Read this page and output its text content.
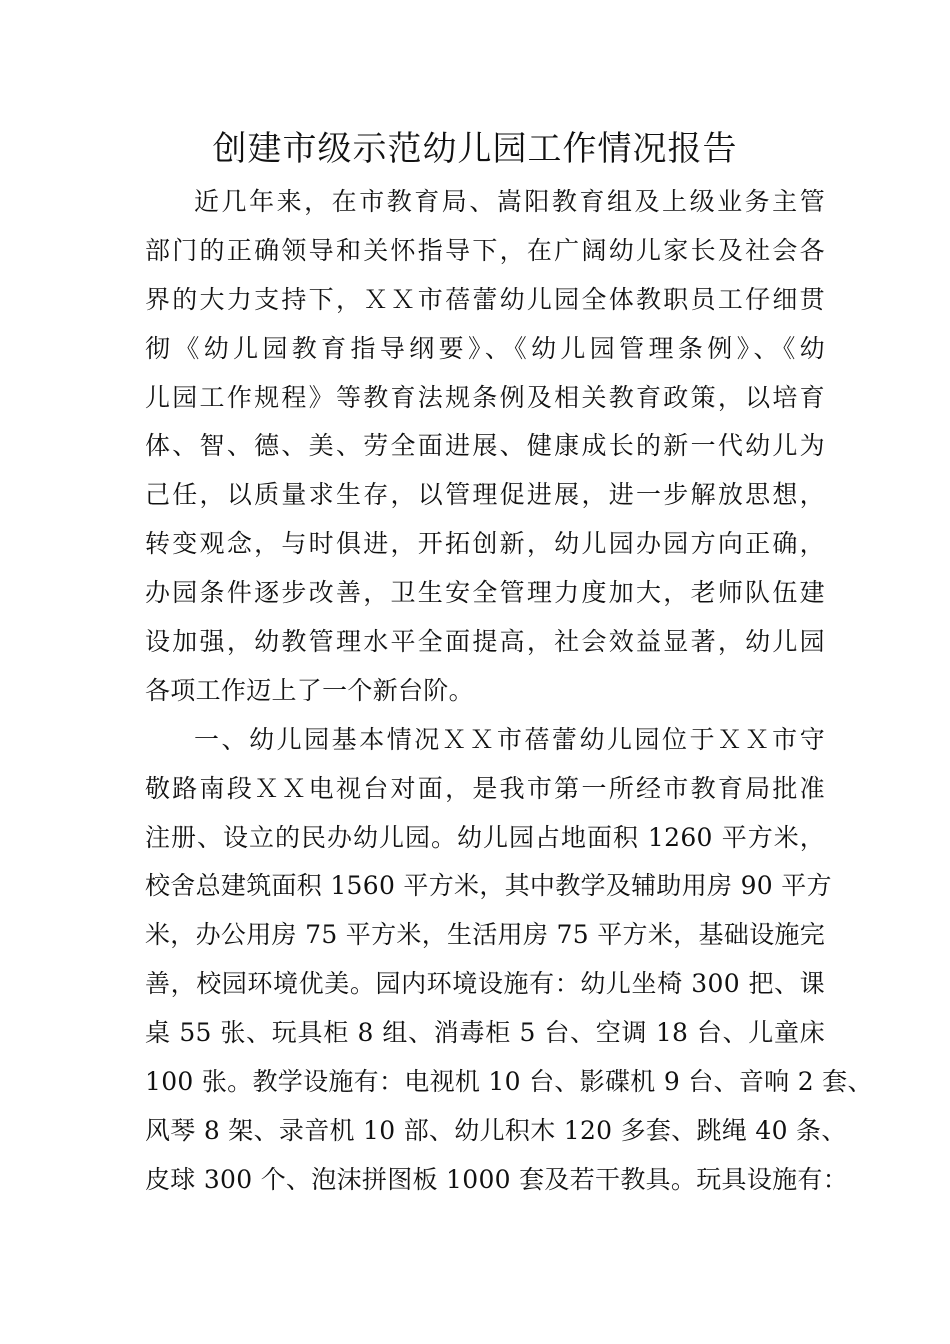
创建市级示范幼儿园工作情况报告
近几年来，在市教育局、嵩阳教育组及上级业务主管
部门的正确领导和关怀指导下，在广阔幼儿家长及社会各
界的大力支持下，ＸＸ市蓓蕾幼儿园全体教职员工仔细贯
彻《幼儿园教育指导纲要》、《幼儿园管理条例》、《幼
儿园工作规程》等教育法规条例及相关教育政策，以培育
体、智、德、美、劳全面进展、健康成长的新一代幼儿为
己任，以质量求生存，以管理促进展，进一步解放思想，
转变观念，与时俱进，开拓创新，幼儿园办园方向正确，
办园条件逐步改善，卫生安全管理力度加大，老师队伍建
设加强，幼教管理水平全面提高，社会效益显著，幼儿园
各项工作迈上了一个新台阶。
一、幼儿园基本情况ＸＸ市蓓蕾幼儿园位于ＸＸ市守
敬路南段ＸＸ电视台对面，是我市第一所经市教育局批准
注册、设立的民办幼儿园。幼儿园占地面积 1260 平方米，
校舍总建筑面积 1560 平方米，其中教学及辅助用房 90 平方
米，办公用房 75 平方米，生活用房 75 平方米，基础设施完
善，校园环境优美。园内环境设施有：幼儿坐椅 300 把、课
桌 55 张、玩具柜 8 组、消毒柜 5 台、空调 18 台、儿童床
100 张。教学设施有：电视机 10 台、影碟机 9 台、音响 2 套、
风琴 8 架、录音机 10 部、幼儿积木 120 多套、跳绳 40 条、
皮球 300 个、泡沫拼图板 1000 套及若干教具。玩具设施有：
